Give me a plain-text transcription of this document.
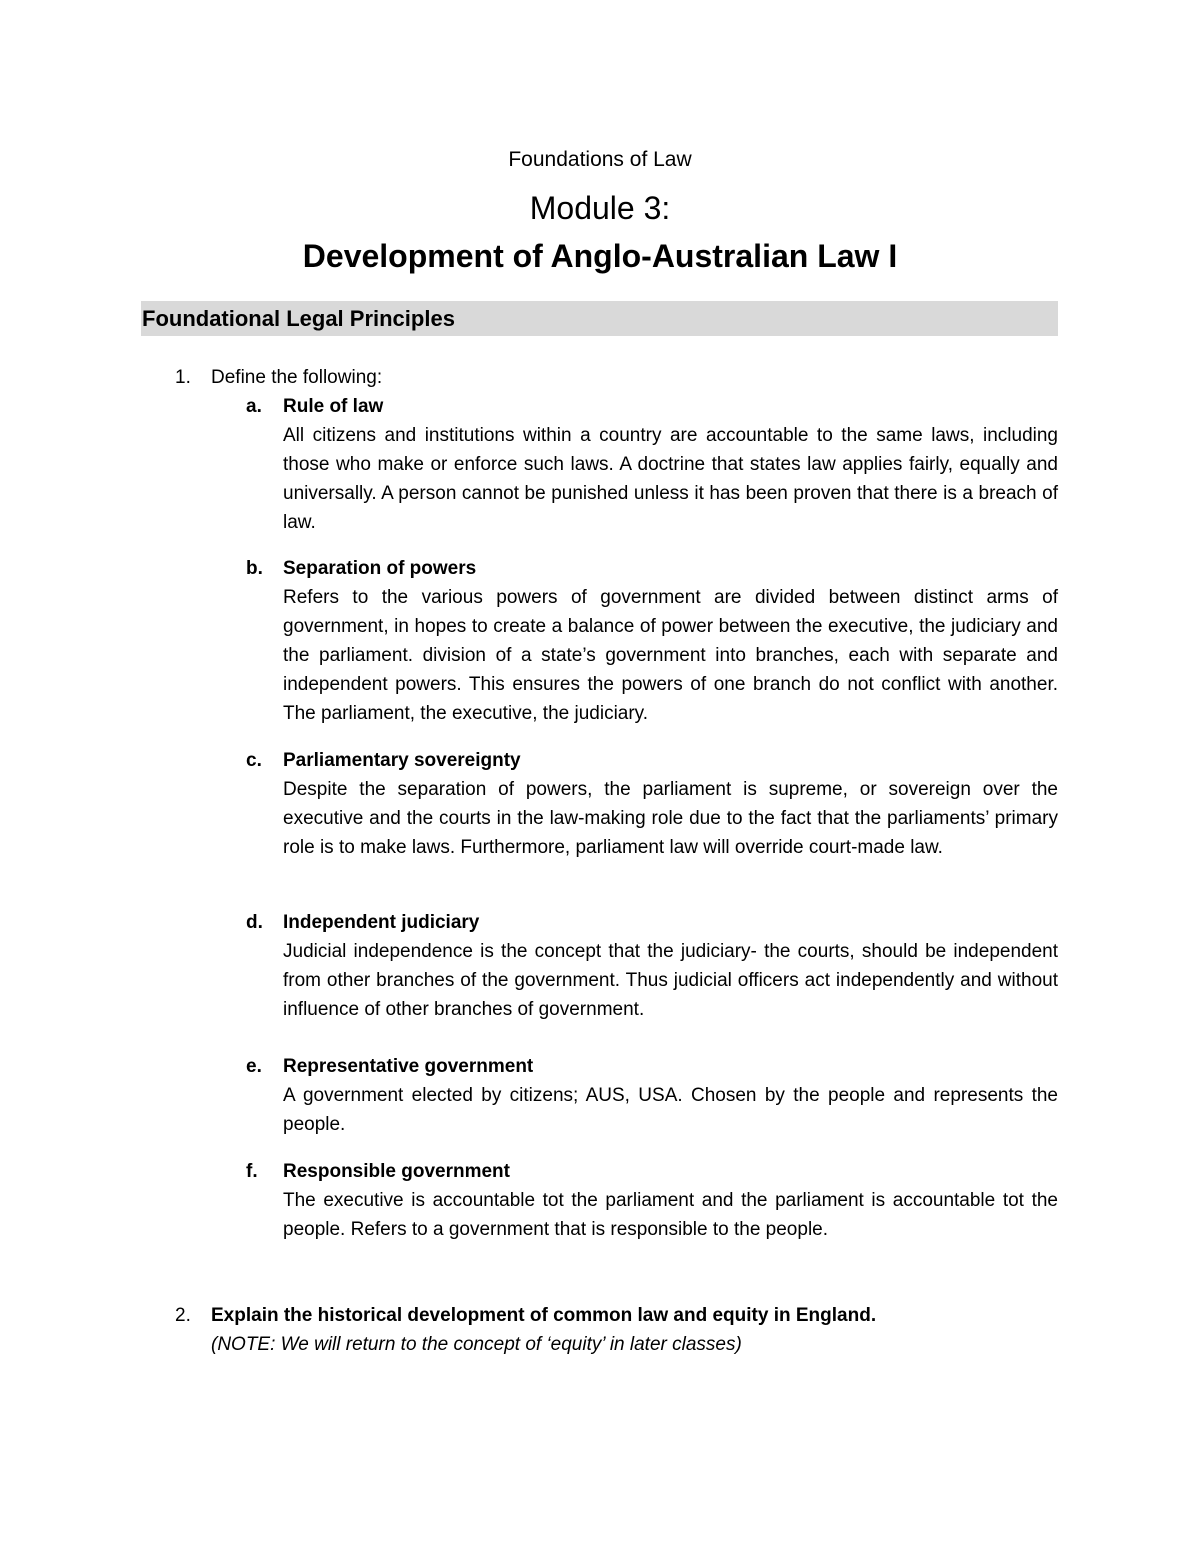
Foundations of Law
Module 3:
Development of Anglo-Australian Law I
Foundational Legal Principles
1. Define the following:
a. Rule of law
All citizens and institutions within a country are accountable to the same laws, including those who make or enforce such laws. A doctrine that states law applies fairly, equally and universally. A person cannot be punished unless it has been proven that there is a breach of law.
b. Separation of powers
Refers to the various powers of government are divided between distinct arms of government, in hopes to create a balance of power between the executive, the judiciary and the parliament. division of a state’s government into branches, each with separate and independent powers. This ensures the powers of one branch do not conflict with another. The parliament, the executive, the judiciary.
c. Parliamentary sovereignty
Despite the separation of powers, the parliament is supreme, or sovereign over the executive and the courts in the law-making role due to the fact that the parliaments’ primary role is to make laws. Furthermore, parliament law will override court-made law.
d. Independent judiciary
Judicial independence is the concept that the judiciary- the courts, should be independent from other branches of the government. Thus judicial officers act independently and without influence of other branches of government.
e. Representative government
A government elected by citizens; AUS, USA. Chosen by the people and represents the people.
f. Responsible government
The executive is accountable tot the parliament and the parliament is accountable tot the people. Refers to a government that is responsible to the people.
2. Explain the historical development of common law and equity in England.
(NOTE: We will return to the concept of ‘equity’ in later classes)
